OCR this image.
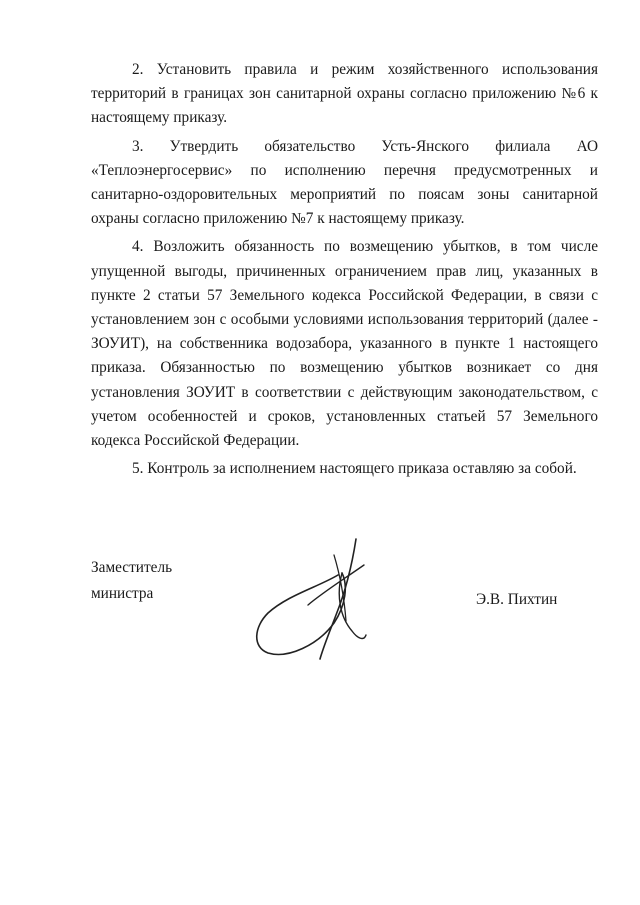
2. Установить правила и режим хозяйственного использования территорий в границах зон санитарной охраны согласно приложению №6 к настоящему приказу.

3. Утвердить обязательство Усть-Янского филиала АО «Теплоэнергосервис» по исполнению перечня предусмотренных и санитарно-оздоровительных мероприятий по поясам зоны санитарной охраны согласно приложению №7 к настоящему приказу.

4. Возложить обязанность по возмещению убытков, в том числе упущенной выгоды, причиненных ограничением прав лиц, указанных в пункте 2 статьи 57 Земельного кодекса Российской Федерации, в связи с установлением зон с особыми условиями использования территорий (далее - ЗОУИТ), на собственника водозабора, указанного в пункте 1 настоящего приказа. Обязанностью по возмещению убытков возникает со дня установления ЗОУИТ в соответствии с действующим законодательством, с учетом особенностей и сроков, установленных статьей 57 Земельного кодекса Российской Федерации.

5. Контроль за исполнением настоящего приказа оставляю за собой.

Заместитель
министра	Э.В. Пихтин
